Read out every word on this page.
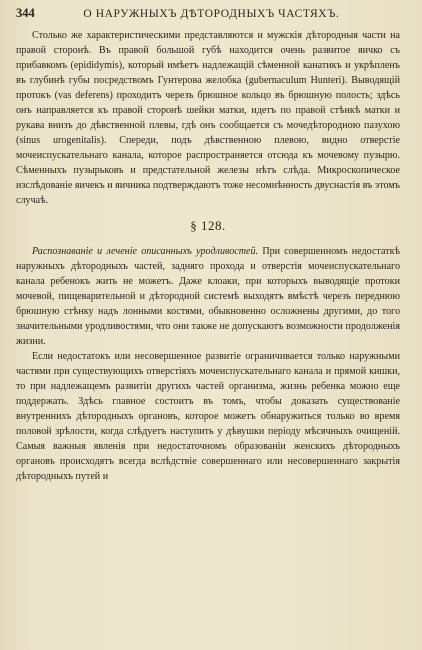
344	О НАРУЖНЫХЪ ДѢТОРОДНЫХЪ ЧАСТЯХЪ.

Столько же характеристическими представляются и мужскія дѣтородныя части на правой сторонѣ. Въ правой большой губѣ находится очень развитое яичко съ прибавкомъ (epididymis), который имѣетъ надлежащій сѣменной канатикъ и укрѣпленъ въ глубинѣ губы посредствомъ Гунтерова желобка (gubernaculum Hunteri). Выводящій протокъ (vas deferens) проходитъ черезъ брюшное кольцо въ брюшную полость; здѣсь онъ направляется къ правой сторонѣ шейки матки, идетъ по правой стѣнкѣ матки и рукава внизъ до дѣвственной плевы, гдѣ онъ сообщается съ мочедѣтородною пазухою (sinus urogenitalis). Спереди, подъ дѣвственною плевою, видно отверстіе мочеиспускательнаго канала, которое распространяется отсюда къ мочевому пузырю. Сѣменныхъ пузырьковъ и предстательной железы нѣтъ слѣда. Микроскопическое изслѣдованіе яичекъ и яичника подтверждаютъ тоже несомнѣнность двуснастія въ этомъ случаѣ.

§ 128.

Распознаваніе и леченіе описанныхъ уродливостей. При совершенномъ недостаткѣ наружныхъ дѣтородныхъ частей, задняго прохода и отверстія мочеиспускательнаго канала ребенокъ жить не можетъ. Даже клоаки, при которыхъ выводящіе протоки мочевой, пищеварительной и дѣтородной системѣ выходятъ вмѣстѣ черезъ переднюю брюшную стѣнку надъ лонными костями, обыкновенно осложнены другими, до того значительными уродливостями, что они также не допускаютъ возможности продолженія жизни.

Если недостатокъ или несовершенное развитіе ограничивается только наружными частями при существующихъ отверстіяхъ мочеиспускательнаго канала и прямой кишки, то при надлежащемъ развитіи другихъ частей организма, жизнь ребенка можно еще поддержать. Здѣсь главное состоитъ въ томъ, чтобы доказать существованіе внутреннихъ дѣтородныхъ органовъ, которое можетъ обнаружиться только во время половой зрѣлости, когда слѣдуетъ наступить у дѣвушки періоду мѣсячныхъ очищеній. Самыя важныя явленія при недостаточномъ образованіи женскихъ дѣтородныхъ органовъ происходятъ всегда вслѣдствіе совершеннаго или несовершеннаго закрытія дѣтородныхъ путей и
